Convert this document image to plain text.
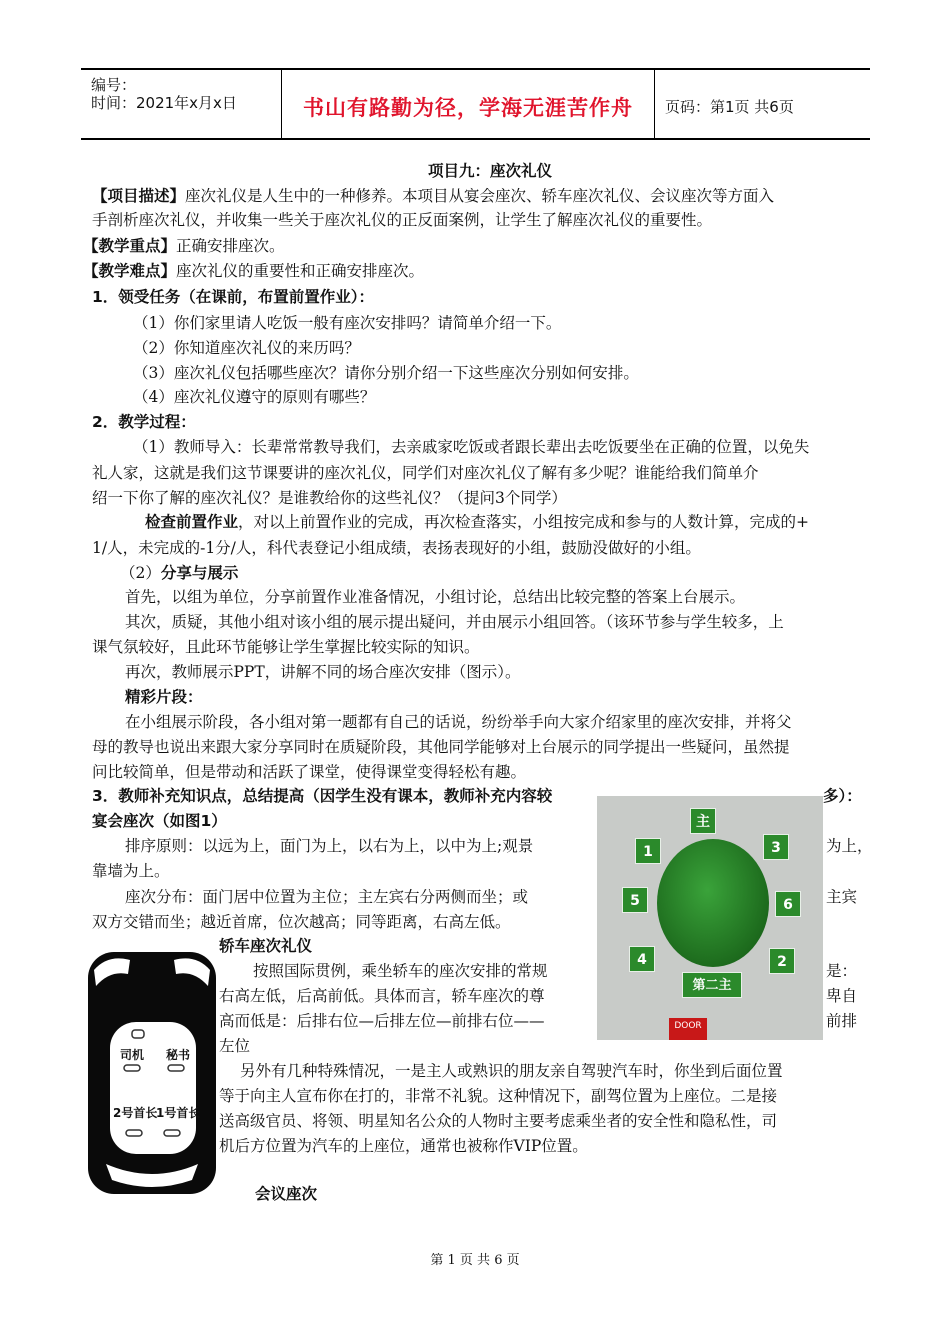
编号：
时间：2021年x月x日	书山有路勤为径，学海无涯苦作舟	页码：第1页 共6页
项目九：座次礼仪
【项目描述】座次礼仪是人生中的一种修养。本项目从宴会座次、轿车座次礼仪、会议座次等方面入
手剖析座次礼仪，并收集一些关于座次礼仪的正反面案例，让学生了解座次礼仪的重要性。
【教学重点】正确安排座次。
【教学难点】座次礼仪的重要性和正确安排座次。
1．领受任务（在课前，布置前置作业）：
（1）你们家里请人吃饭一般有座次安排吗？请简单介绍一下。
（2）你知道座次礼仪的来历吗？
（3）座次礼仪包括哪些座次？请你分别介绍一下这些座次分别如何安排。
（4）座次礼仪遵守的原则有哪些？
2．教学过程：
（1）教师导入：长辈常常教导我们，去亲戚家吃饭或者跟长辈出去吃饭要坐在正确的位置，以免失
礼人家，这就是我们这节课要讲的座次礼仪，同学们对座次礼仪了解有多少呢？谁能给我们简单介
绍一下你了解的座次礼仪？是谁教给你的这些礼仪？（提问3个同学）
检查前置作业，对以上前置作业的完成，再次检查落实，小组按完成和参与的人数计算，完成的+
1/人，未完成的-1分/人，科代表登记小组成绩，表扬表现好的小组，鼓励没做好的小组。
（2）分享与展示
首先，以组为单位，分享前置作业准备情况，小组讨论，总结出比较完整的答案上台展示。
其次，质疑，其他小组对该小组的展示提出疑问，并由展示小组回答。（该环节参与学生较多，上
课气氛较好，且此环节能够让学生掌握比较实际的知识。
再次，教师展示PPT，讲解不同的场合座次安排（图示）。
精彩片段：
在小组展示阶段，各小组对第一题都有自己的话说，纷纷举手向大家介绍家里的座次安排，并将父
母的教导也说出来跟大家分享同时在质疑阶段，其他同学能够对上台展示的同学提出一些疑问，虽然提
问比较简单，但是带动和活跃了课堂，使得课堂变得轻松有趣。
3．教师补充知识点，总结提高（因学生没有课本，教师补充内容较	多）：
宴会座次（如图1）
排序原则：以远为上，面门为上，以右为上，以中为上;观景	为上，
靠墙为上。
座次分布：面门居中位置为主位；主左宾右分两侧而坐；或	主宾
双方交错而坐；越近首席，位次越高；同等距离，右高左低。
轿车座次礼仪
按照国际贯例，乘坐轿车的座次安排的常规	是：
右高左低，后高前低。具体而言，轿车座次的尊	卑自
高而低是：后排右位—后排左位—前排右位——	前排
左位
另外有几种特殊情况，一是主人或熟识的朋友亲自驾驶汽车时，你坐到后面位置
等于向主人宣布你在打的，非常不礼貌。这种情况下，副驾位置为上座位。二是接
送高级官员、将领、明星知名公众的人物时主要考虑乘坐者的安全性和隐私性，司
机后方位置为汽车的上座位，通常也被称作VIP位置。
会议座次
主
1	3
5	6
4	2
第二主
DOOR
司机 秘书
2号首长
1号首长
第 1 页 共 6 页
